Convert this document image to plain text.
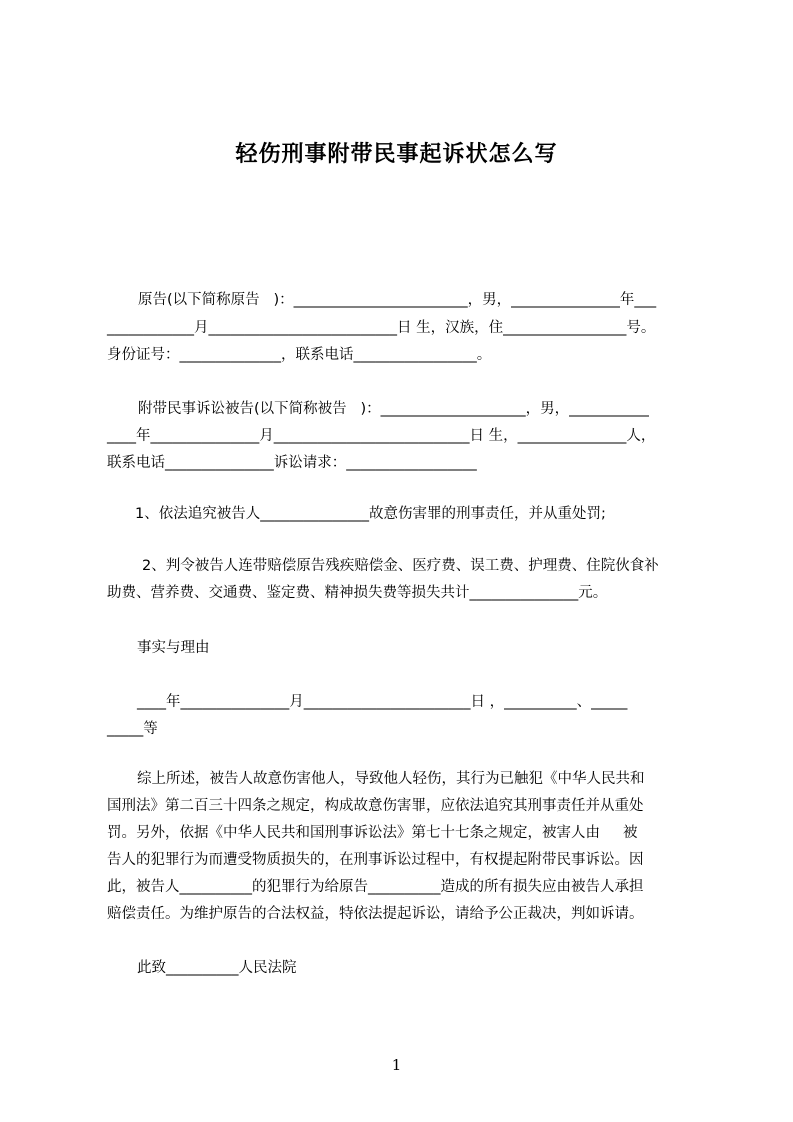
轻伤刑事附带民事起诉状怎么写
原告(以下简称原告   )：________________________，男，_______________年___
____________月__________________________日 生，汉族，住_________________号。
身份证号：______________，联系电话_________________。
附带民事诉讼被告(以下简称被告   )：____________________，男，___________
____年_______________月___________________________日 生，_______________人，
联系电话_______________诉讼请求：__________________
1、依法追究被告人_______________故意伤害罪的刑事责任，并从重处罚;
2、判令被告人连带赔偿原告残疾赔偿金、医疗费、误工费、护理费、住院伙食补
助费、营养费、交通费、鉴定费、精神损失费等损失共计_______________元。
事实与理由
____年_______________月_______________________日 ，__________、_____
_____等
综上所述，被告人故意伤害他人，导致他人轻伤，其行为已触犯《中华人民共和
国刑法》第二百三十四条之规定，构成故意伤害罪，应依法追究其刑事责任并从重处
罚。另外，依据《中华人民共和国刑事诉讼法》第七十七条之规定，被害人由     被
告人的犯罪行为而遭受物质损失的，在刑事诉讼过程中，有权提起附带民事诉讼。因
此，被告人__________的犯罪行为给原告__________造成的所有损失应由被告人承担
赔偿责任。为维护原告的合法权益，特依法提起诉讼，请给予公正裁决，判如诉请。
此致__________人民法院
1
